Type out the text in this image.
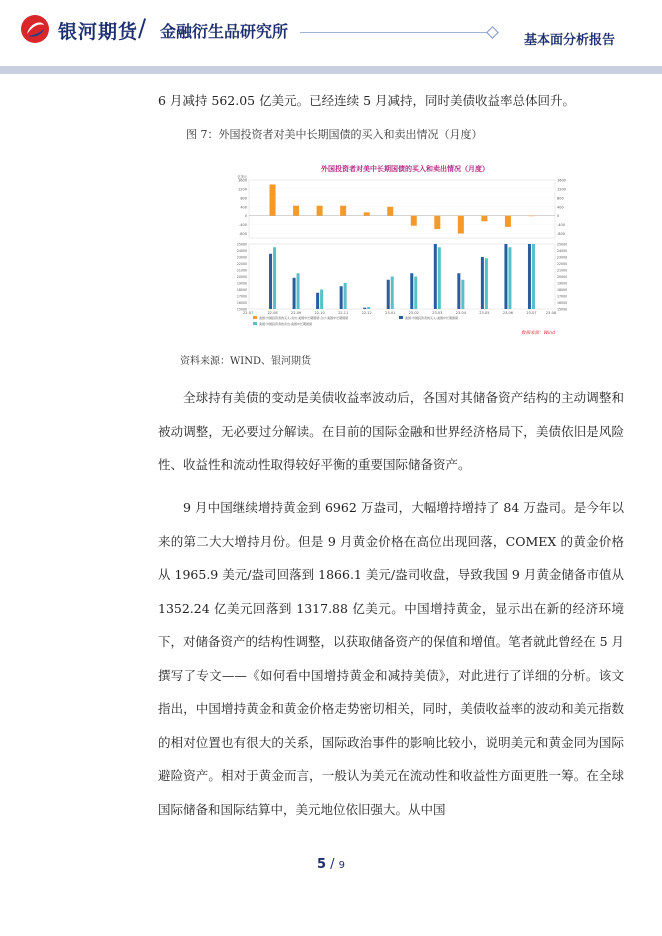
银河期货 / 金融衍生品研究所	基本面分析报告

6 月减持 562.05 亿美元。已经连续 5 月减持，同时美债收益率总体回升。

图 7：外国投资者对美中长期国债的买入和卖出情况（月度）
外国投资者对美中长期国债的买入和卖出情况（月度）
1600	1600
1200	1200
800	800
400	400
0	0
-400	-400
-800	-800
亿美元
25000	25000
24000	24000
23000	23000
22000	22000
21000	21000
20000	20000
19000	19000
18000	18000
17000	17000
16000	16000
15000	15000
22-07	22-08	22-09	22-10	22-11	22-12	23-01	23-02	23-03	23-04	23-05	23-06	23-07	23-08
美国:外国投资者的买入-卖出:美国中长期国债:合计:美国中长期国债	美国:外国投资者的买入:美国中长期国债
美国:外国投资者的卖出:美国中长期国债
数据来源：Wind
资料来源：WIND、银河期货

全球持有美债的变动是美债收益率波动后，各国对其储备资产结构的主动调整和被动调整，无必要过分解读。在目前的国际金融和世界经济格局下，美债依旧是风险性、收益性和流动性取得较好平衡的重要国际储备资产。

9 月中国继续增持黄金到 6962 万盎司，大幅增持增持了 84 万盎司。是今年以来的第二大大增持月份。但是 9 月黄金价格在高位出现回落，COMEX 的黄金价格从 1965.9 美元/盎司回落到 1866.1 美元/盎司收盘，导致我国 9 月黄金储备市值从 1352.24 亿美元回落到 1317.88 亿美元。中国增持黄金，显示出在新的经济环境下，对储备资产的结构性调整，以获取储备资产的保值和增值。笔者就此曾经在 5 月撰写了专文——《如何看中国增持黄金和减持美债》，对此进行了详细的分析。该文指出，中国增持黄金和黄金价格走势密切相关，同时，美债收益率的波动和美元指数的相对位置也有很大的关系，国际政治事件的影响比较小，说明美元和黄金同为国际避险资产。相对于黄金而言，一般认为美元在流动性和收益性方面更胜一筹。在全球国际储备和国际结算中，美元地位依旧强大。从中国

5 / 9
